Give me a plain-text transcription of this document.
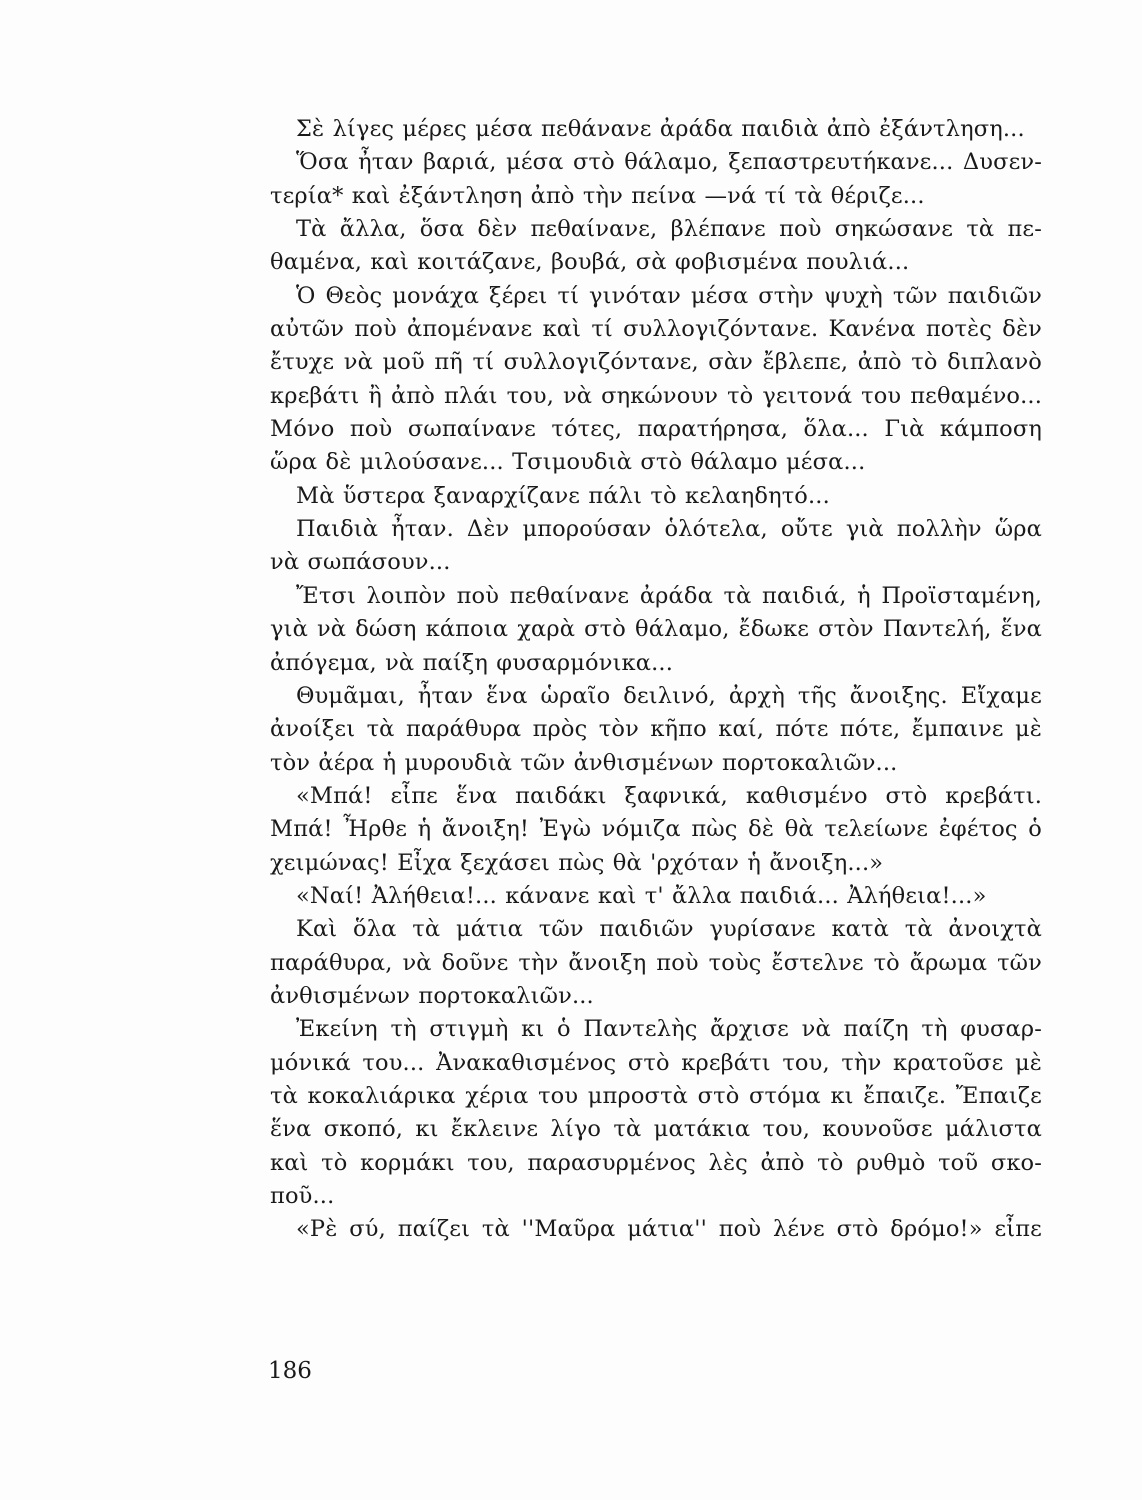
Σὲ λίγες μέρες μέσα πεθάνανε ἀράδα παιδιὰ ἀπὸ ἐξάντληση...
Ὅσα ἦταν βαριά, μέσα στὸ θάλαμο, ξεπαστρευτήκανε... Δυσεν-
τερία* καὶ ἐξάντληση ἀπὸ τὴν πείνα —νά τί τὰ θέριζε...
Τὰ ἄλλα, ὅσα δὲν πεθαίνανε, βλέπανε ποὺ σηκώσανε τὰ πε-
θαμένα, καὶ κοιτάζανε, βουβά, σὰ φοβισμένα πουλιά...
Ὁ Θεὸς μονάχα ξέρει τί γινόταν μέσα στὴν ψυχὴ τῶν παιδιῶν
αὐτῶν ποὺ ἀπομένανε καὶ τί συλλογιζόντανε. Κανένα ποτὲς δὲν
ἔτυχε νὰ μοῦ πῆ τί συλλογιζόντανε, σὰν ἔβλεπε, ἀπὸ τὸ διπλανὸ
κρεβάτι ἢ ἀπὸ πλάι του, νὰ σηκώνουν τὸ γειτονά του πεθαμένο...
Μόνο ποὺ σωπαίνανε τότες, παρατήρησα, ὅλα... Γιὰ κάμποση
ὥρα δὲ μιλούσανε... Τσιμουδιὰ στὸ θάλαμο μέσα...
Μὰ ὕστερα ξαναρχίζανε πάλι τὸ κελαηδητό...
Παιδιὰ ἦταν. Δὲν μπορούσαν ὁλότελα, οὔτε γιὰ πολλὴν ὥρα
νὰ σωπάσουν...
Ἔτσι λοιπὸν ποὺ πεθαίνανε ἀράδα τὰ παιδιά, ἡ Προϊσταμένη,
γιὰ νὰ δώση κάποια χαρὰ στὸ θάλαμο, ἔδωκε στὸν Παντελή, ἕνα
ἀπόγεμα, νὰ παίξη φυσαρμόνικα...
Θυμᾶμαι, ἦταν ἕνα ὡραῖο δειλινό, ἀρχὴ τῆς ἄνοιξης. Εἴχαμε
ἀνοίξει τὰ παράθυρα πρὸς τὸν κῆπο καί, πότε πότε, ἔμπαινε μὲ
τὸν ἀέρα ἡ μυρουδιὰ τῶν ἀνθισμένων πορτοκαλιῶν...
«Μπά! εἶπε ἕνα παιδάκι ξαφνικά, καθισμένο στὸ κρεβάτι.
Μπά! Ἦρθε ἡ ἄνοιξη! Ἐγὼ νόμιζα πὼς δὲ θὰ τελείωνε ἐφέτος ὁ
χειμώνας! Εἶχα ξεχάσει πὼς θὰ 'ρχόταν ἡ ἄνοιξη...»
«Ναί! Ἀλήθεια!... κάνανε καὶ τ' ἄλλα παιδιά... Ἀλήθεια!...»
Καὶ ὅλα τὰ μάτια τῶν παιδιῶν γυρίσανε κατὰ τὰ ἀνοιχτὰ
παράθυρα, νὰ δοῦνε τὴν ἄνοιξη ποὺ τοὺς ἔστελνε τὸ ἄρωμα τῶν
ἀνθισμένων πορτοκαλιῶν...
Ἐκείνη τὴ στιγμὴ κι ὁ Παντελὴς ἄρχισε νὰ παίζη τὴ φυσαρ-
μόνικά του... Ἀνακαθισμένος στὸ κρεβάτι του, τὴν κρατοῦσε μὲ
τὰ κοκαλιάρικα χέρια του μπροστὰ στὸ στόμα κι ἔπαιζε. Ἔπαιζε
ἕνα σκοπό, κι ἔκλεινε λίγο τὰ ματάκια του, κουνοῦσε μάλιστα
καὶ τὸ κορμάκι του, παρασυρμένος λὲς ἀπὸ τὸ ρυθμὸ τοῦ σκο-
ποῦ...
«Ρὲ σύ, παίζει τὰ ''Μαῦρα μάτια'' ποὺ λένε στὸ δρόμο!» εἶπε
186
